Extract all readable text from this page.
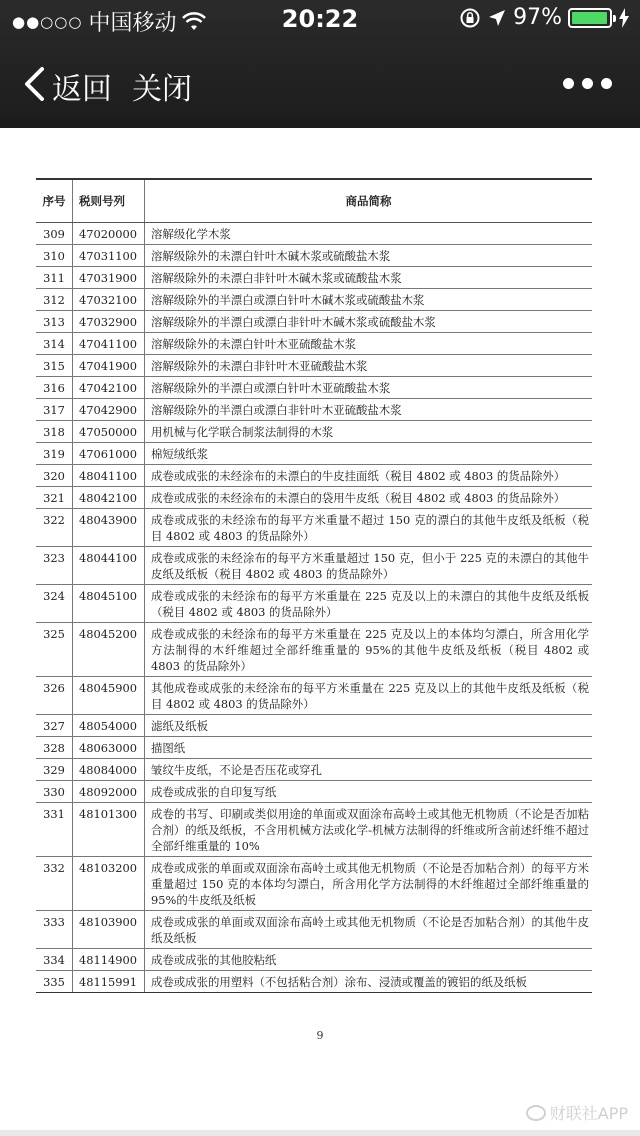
●●○○○ 中国移动	20:22	97%
返回 关闭
序号	税则号列	商品简称
309	47020000	溶解级化学木浆
310	47031100	溶解级除外的未漂白针叶木碱木浆或硫酸盐木浆
311	47031900	溶解级除外的未漂白非针叶木碱木浆或硫酸盐木浆
312	47032100	溶解级除外的半漂白或漂白针叶木碱木浆或硫酸盐木浆
313	47032900	溶解级除外的半漂白或漂白非针叶木碱木浆或硫酸盐木浆
314	47041100	溶解级除外的未漂白针叶木亚硫酸盐木浆
315	47041900	溶解级除外的未漂白非针叶木亚硫酸盐木浆
316	47042100	溶解级除外的半漂白或漂白针叶木亚硫酸盐木浆
317	47042900	溶解级除外的半漂白或漂白非针叶木亚硫酸盐木浆
318	47050000	用机械与化学联合制浆法制得的木浆
319	47061000	棉短绒纸浆
320	48041100	成卷或成张的未经涂布的未漂白的牛皮挂面纸（税目 4802 或 4803 的货品除外）
321	48042100	成卷或成张的未经涂布的未漂白的袋用牛皮纸（税目 4802 或 4803 的货品除外）
322	48043900	成卷或成张的未经涂布的每平方米重量不超过 150 克的漂白的其他牛皮纸及纸板（税目 4802 或 4803 的货品除外）
323	48044100	成卷或成张的未经涂布的每平方米重量超过 150 克，但小于 225 克的未漂白的其他牛皮纸及纸板（税目 4802 或 4803 的货品除外）
324	48045100	成卷或成张的未经涂布的每平方米重量在 225 克及以上的未漂白的其他牛皮纸及纸板（税目 4802 或 4803 的货品除外）
325	48045200	成卷或成张的未经涂布的每平方米重量在 225 克及以上的本体均匀漂白，所含用化学方法制得的木纤维超过全部纤维重量的 95%的其他牛皮纸及纸板（税目 4802 或 4803 的货品除外）
326	48045900	其他成卷或成张的未经涂布的每平方米重量在 225 克及以上的其他牛皮纸及纸板（税目 4802 或 4803 的货品除外）
327	48054000	滤纸及纸板
328	48063000	描图纸
329	48084000	皱纹牛皮纸，不论是否压花或穿孔
330	48092000	成卷或成张的自印复写纸
331	48101300	成卷的书写、印刷或类似用途的单面或双面涂布高岭土或其他无机物质（不论是否加粘合剂）的纸及纸板，不含用机械方法或化学-机械方法制得的纤维或所含前述纤维不超过全部纤维重量的 10%
332	48103200	成卷或成张的单面或双面涂布高岭土或其他无机物质（不论是否加粘合剂）的每平方米重量超过 150 克的本体均匀漂白，所含用化学方法制得的木纤维超过全部纤维重量的 95%的牛皮纸及纸板
333	48103900	成卷或成张的单面或双面涂布高岭土或其他无机物质（不论是否加粘合剂）的其他牛皮纸及纸板
334	48114900	成卷或成张的其他胶粘纸
335	48115991	成卷或成张的用塑料（不包括粘合剂）涂布、浸渍或覆盖的镀铝的纸及纸板
9
财联社APP
